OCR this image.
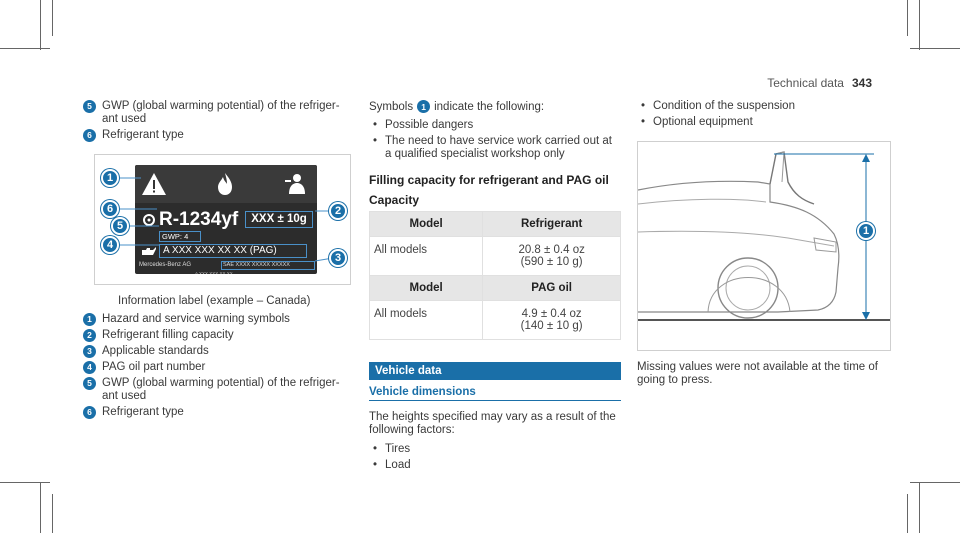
Technical data 343
5 GWP (global warming potential) of the refriger-ant used
6 Refrigerant type
R-1234yf	XXX ± 10g
GWP: 4
A XXX XXX XX XX (PAG)
Mercedes-Benz AG	SAE XXXX XXXXX XXXXX
A XXX XXX XX XX
1
6
5
4
2
3
Information label (example – Canada)
1 Hazard and service warning symbols
2 Refrigerant filling capacity
3 Applicable standards
4 PAG oil part number
5 GWP (global warming potential) of the refriger-ant used
6 Refrigerant type
Symbols 1 indicate the following:
• Possible dangers
• The need to have service work carried out at a qualified specialist workshop only
Filling capacity for refrigerant and PAG oil
Capacity
Model	Refrigerant
All models	20.8 ± 0.4 oz
(590 ± 10 g)

Model	PAG oil
All models	4.9 ± 0.4 oz
(140 ± 10 g)
Vehicle data
Vehicle dimensions
The heights specified may vary as a result of the following factors:
• Tires
• Load
• Condition of the suspension
• Optional equipment
1
Missing values were not available at the time of going to press.
